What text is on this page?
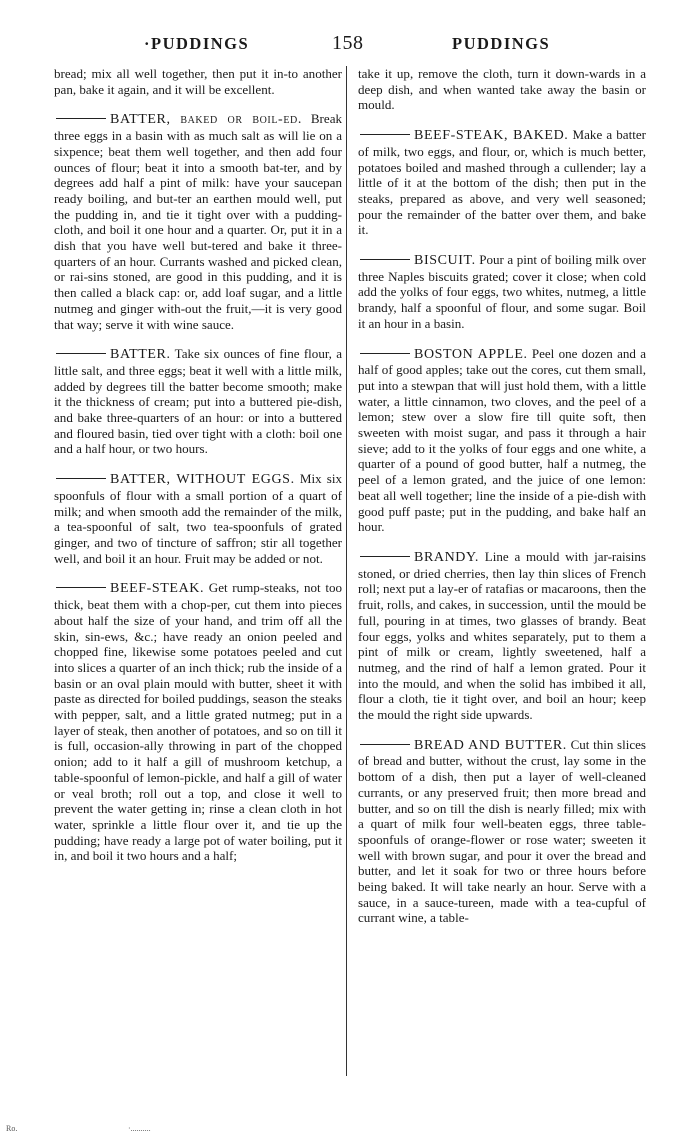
·PUDDINGS	158	PUDDINGS

bread; mix all well together, then put it in-to another pan, bake it again, and it will be excellent.

BATTER, baked or boil-ed. Break three eggs in a basin with as much salt as will lie on a sixpence; beat them well together, and then add four ounces of flour; beat it into a smooth bat-ter, and by degrees add half a pint of milk: have your saucepan ready boiling, and but-ter an earthen mould well, put the pudding in, and tie it tight over with a pudding-cloth, and boil it one hour and a quarter. Or, put it in a dish that you have well but-tered and bake it three-quarters of an hour. Currants washed and picked clean, or rai-sins stoned, are good in this pudding, and it is then called a black cap: or, add loaf sugar, and a little nutmeg and ginger with-out the fruit,—it is very good that way; serve it with wine sauce.

BATTER. Take six ounces of fine flour, a little salt, and three eggs; beat it well with a little milk, added by degrees till the batter become smooth; make it the thickness of cream; put into a buttered pie-dish, and bake three-quarters of an hour: or into a buttered and floured basin, tied over tight with a cloth: boil one and a half hour, or two hours.

BATTER, WITHOUT EGGS. Mix six spoonfuls of flour with a small portion of a quart of milk; and when smooth add the remainder of the milk, a tea-spoonful of salt, two tea-spoonfuls of grated ginger, and two of tincture of saffron; stir all together well, and boil it an hour. Fruit may be added or not.

BEEF-STEAK. Get rump-steaks, not too thick, beat them with a chop-per, cut them into pieces about half the size of your hand, and trim off all the skin, sin-ews, &c.; have ready an onion peeled and chopped fine, likewise some potatoes peeled and cut into slices a quarter of an inch thick; rub the inside of a basin or an oval plain mould with butter, sheet it with paste as directed for boiled puddings, season the steaks with pepper, salt, and a little grated nutmeg; put in a layer of steak, then another of potatoes, and so on till it is full, occasion-ally throwing in part of the chopped onion; add to it half a gill of mushroom ketchup, a table-spoonful of lemon-pickle, and half a gill of water or veal broth; roll out a top, and close it well to prevent the water getting in; rinse a clean cloth in hot water, sprinkle a little flour over it, and tie up the pudding; have ready a large pot of water boiling, put it in, and boil it two hours and a half;

take it up, remove the cloth, turn it down-wards in a deep dish, and when wanted take away the basin or mould.

BEEF-STEAK, BAKED. Make a batter of milk, two eggs, and flour, or, which is much better, potatoes boiled and mashed through a cullender; lay a little of it at the bottom of the dish; then put in the steaks, prepared as above, and very well seasoned; pour the remainder of the batter over them, and bake it.

BISCUIT. Pour a pint of boiling milk over three Naples biscuits grated; cover it close; when cold add the yolks of four eggs, two whites, nutmeg, a little brandy, half a spoonful of flour, and some sugar. Boil it an hour in a basin.

BOSTON APPLE. Peel one dozen and a half of good apples; take out the cores, cut them small, put into a stewpan that will just hold them, with a little water, a little cinnamon, two cloves, and the peel of a lemon; stew over a slow fire till quite soft, then sweeten with moist sugar, and pass it through a hair sieve; add to it the yolks of four eggs and one white, a quarter of a pound of good butter, half a nutmeg, the peel of a lemon grated, and the juice of one lemon: beat all well together; line the inside of a pie-dish with good puff paste; put in the pudding, and bake half an hour.

BRANDY. Line a mould with jar-raisins stoned, or dried cherries, then lay thin slices of French roll; next put a lay-er of ratafias or macaroons, then the fruit, rolls, and cakes, in succession, until the mould be full, pouring in at times, two glasses of brandy. Beat four eggs, yolks and whites separately, put to them a pint of milk or cream, lightly sweetened, half a nutmeg, and the rind of half a lemon grated. Pour it into the mould, and when the solid has imbibed it all, flour a cloth, tie it tight over, and boil an hour; keep the mould the right side upwards.

BREAD AND BUTTER. Cut thin slices of bread and butter, without the crust, lay some in the bottom of a dish, then put a layer of well-cleaned currants, or any preserved fruit; then more bread and butter, and so on till the dish is nearly filled; mix with a quart of milk four well-beaten eggs, three table-spoonfuls of orange-flower or rose water; sweeten it well with brown sugar, and pour it over the bread and butter, and let it soak for two or three hours before being baked. It will take nearly an hour. Serve with a sauce, in a sauce-tureen, made with a tea-cupful of currant wine, a table-

Ro.	·..........
